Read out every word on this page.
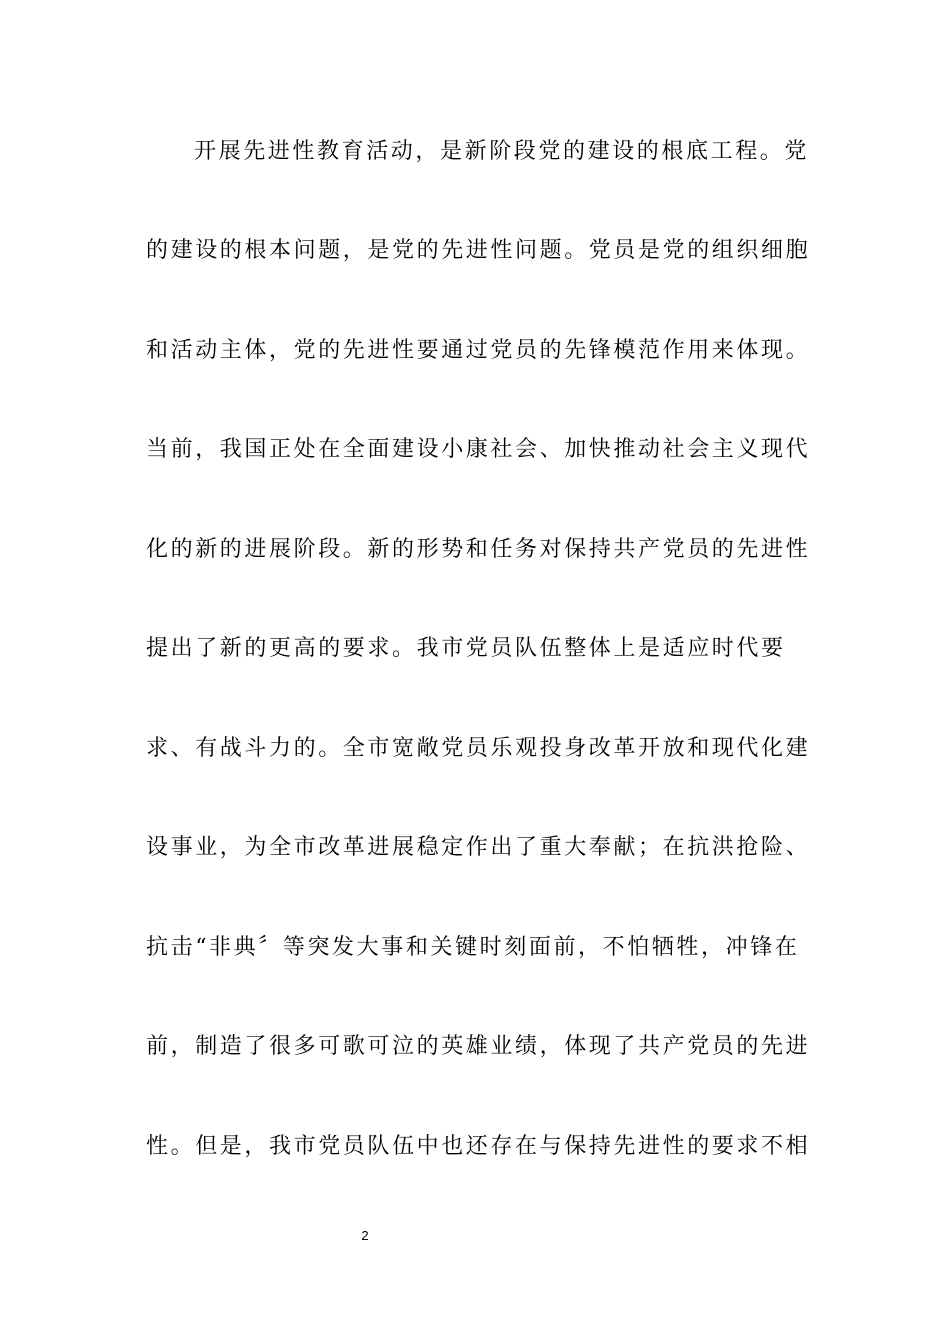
开展先进性教育活动，是新阶段党的建设的根底工程。党
的建设的根本问题，是党的先进性问题。党员是党的组织细胞
和活动主体，党的先进性要通过党员的先锋模范作用来体现。
当前，我国正处在全面建设小康社会、加快推动社会主义现代
化的新的进展阶段。新的形势和任务对保持共产党员的先进性
提出了新的更高的要求。我市党员队伍整体上是适应时代要
求、有战斗力的。全市宽敞党员乐观投身改革开放和现代化建
设事业，为全市改革进展稳定作出了重大奉献；在抗洪抢险、
抗击“非典〞等突发大事和关键时刻面前，不怕牺牲，冲锋在
前，制造了很多可歌可泣的英雄业绩，体现了共产党员的先进
性。但是，我市党员队伍中也还存在与保持先进性的要求不相
2
